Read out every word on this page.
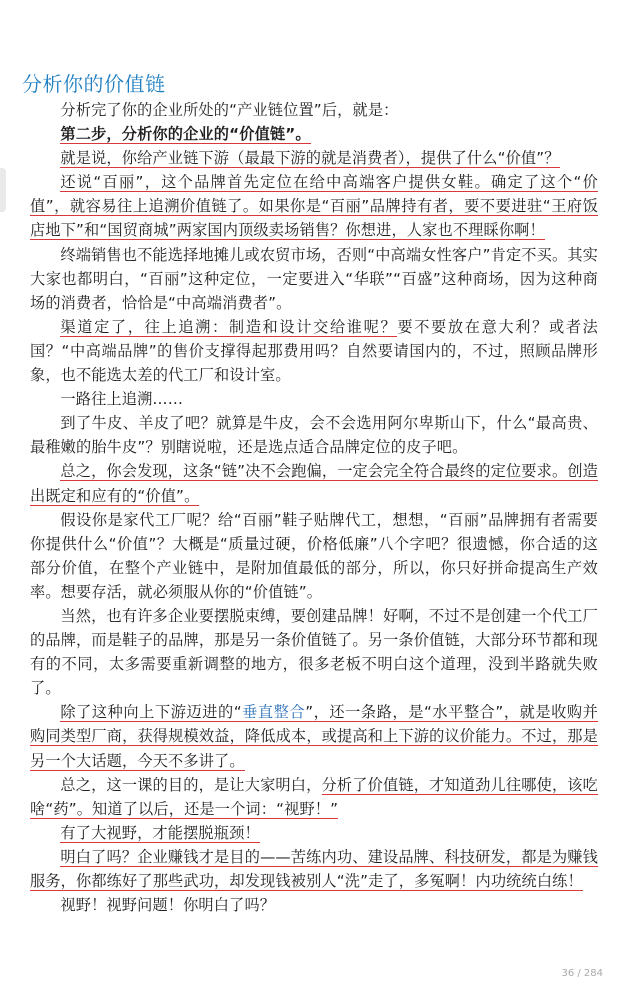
分析你的价值链

分析完了你的企业所处的“产业链位置”后，就是：

第二步，分析你的企业的“价值链”。

就是说，你给产业链下游（最最下游的就是消费者），提供了什么“价值”？

还说“百丽”，这个品牌首先定位在给中高端客户提供女鞋。确定了这个“价值”，就容易往上追溯价值链了。如果你是“百丽”品牌持有者，要不要进驻“王府饭店地下”和“国贸商城”两家国内顶级卖场销售？你想进，人家也不理睬你啊！

终端销售也不能选择地摊儿或农贸市场，否则“中高端女性客户”肯定不买。其实大家也都明白，“百丽”这种定位，一定要进入“华联”“百盛”这种商场，因为这种商场的消费者，恰恰是“中高端消费者”。

渠道定了，往上追溯：制造和设计交给谁呢？要不要放在意大利？或者法国？“中高端品牌”的售价支撑得起那费用吗？自然要请国内的，不过，照顾品牌形象，也不能选太差的代工厂和设计室。

一路往上追溯……

到了牛皮、羊皮了吧？就算是牛皮，会不会选用阿尔卑斯山下，什么“最高贵、最稚嫩的胎牛皮”？别瞎说啦，还是选点适合品牌定位的皮子吧。

总之，你会发现，这条“链”决不会跑偏，一定会完全符合最终的定位要求。创造出既定和应有的“价值”。

假设你是家代工厂呢？给“百丽”鞋子贴牌代工，想想，“百丽”品牌拥有者需要你提供什么“价值”？大概是“质量过硬，价格低廉”八个字吧？很遗憾，你合适的这部分价值，在整个产业链中，是附加值最低的部分，所以，你只好拼命提高生产效率。想要存活，就必须服从你的“价值链”。

当然，也有许多企业要摆脱束缚，要创建品牌！好啊，不过不是创建一个代工厂的品牌，而是鞋子的品牌，那是另一条价值链了。另一条价值链，大部分环节都和现有的不同，太多需要重新调整的地方，很多老板不明白这个道理，没到半路就失败了。

除了这种向上下游迈进的“垂直整合”，还一条路，是“水平整合”，就是收购并购同类型厂商，获得规模效益，降低成本，或提高和上下游的议价能力。不过，那是另一个大话题，今天不多讲了。

总之，这一课的目的，是让大家明白，分析了价值链，才知道劲儿往哪使，该吃啥“药”。知道了以后，还是一个词：“视野！”

有了大视野，才能摆脱瓶颈！

明白了吗？企业赚钱才是目的——苦练内功、建设品牌、科技研发，都是为赚钱服务，你都练好了那些武功，却发现钱被别人“洗”走了，多冤啊！内功统统白练！

视野！视野问题！你明白了吗？

36 / 284
